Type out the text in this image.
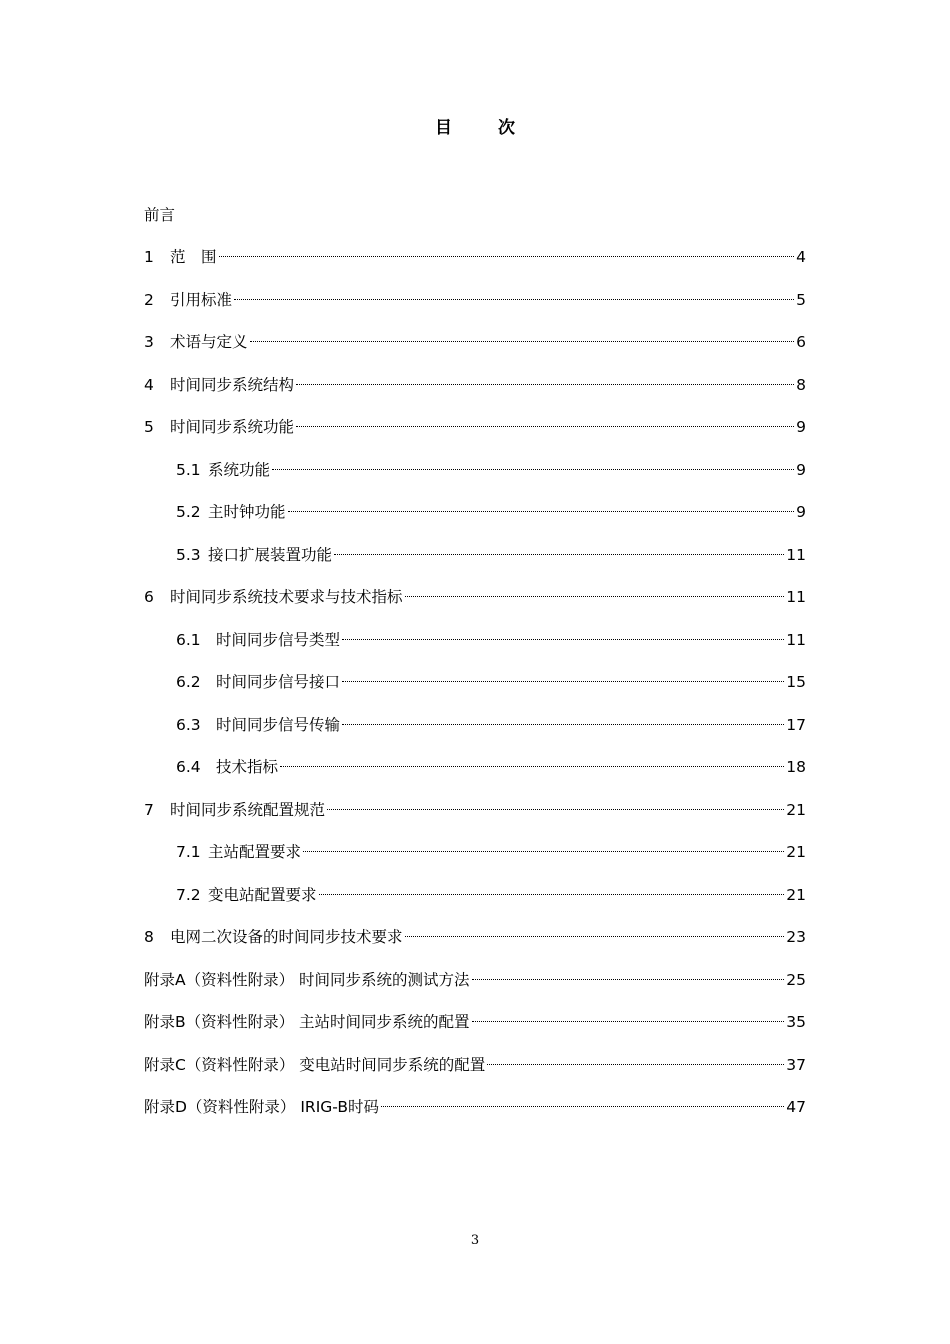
目	次
前言
1	范　围	4
2	引用标准	5
3	术语与定义	6
4	时间同步系统结构	8
5	时间同步系统功能	9
5.1 系统功能	9
5.2 主时钟功能	9
5.3 接口扩展装置功能	11
6	时间同步系统技术要求与技术指标	11
6.1 时间同步信号类型	11
6.2 时间同步信号接口	15
6.3 时间同步信号传输	17
6.4 技术指标	18
7	时间同步系统配置规范	21
7.1 主站配置要求	21
7.2 变电站配置要求	21
8	电网二次设备的时间同步技术要求	23
附录A（资料性附录） 时间同步系统的测试方法	25
附录B（资料性附录） 主站时间同步系统的配置	35
附录C（资料性附录） 变电站时间同步系统的配置	37
附录D（资料性附录） IRIG-B时码	47
3
